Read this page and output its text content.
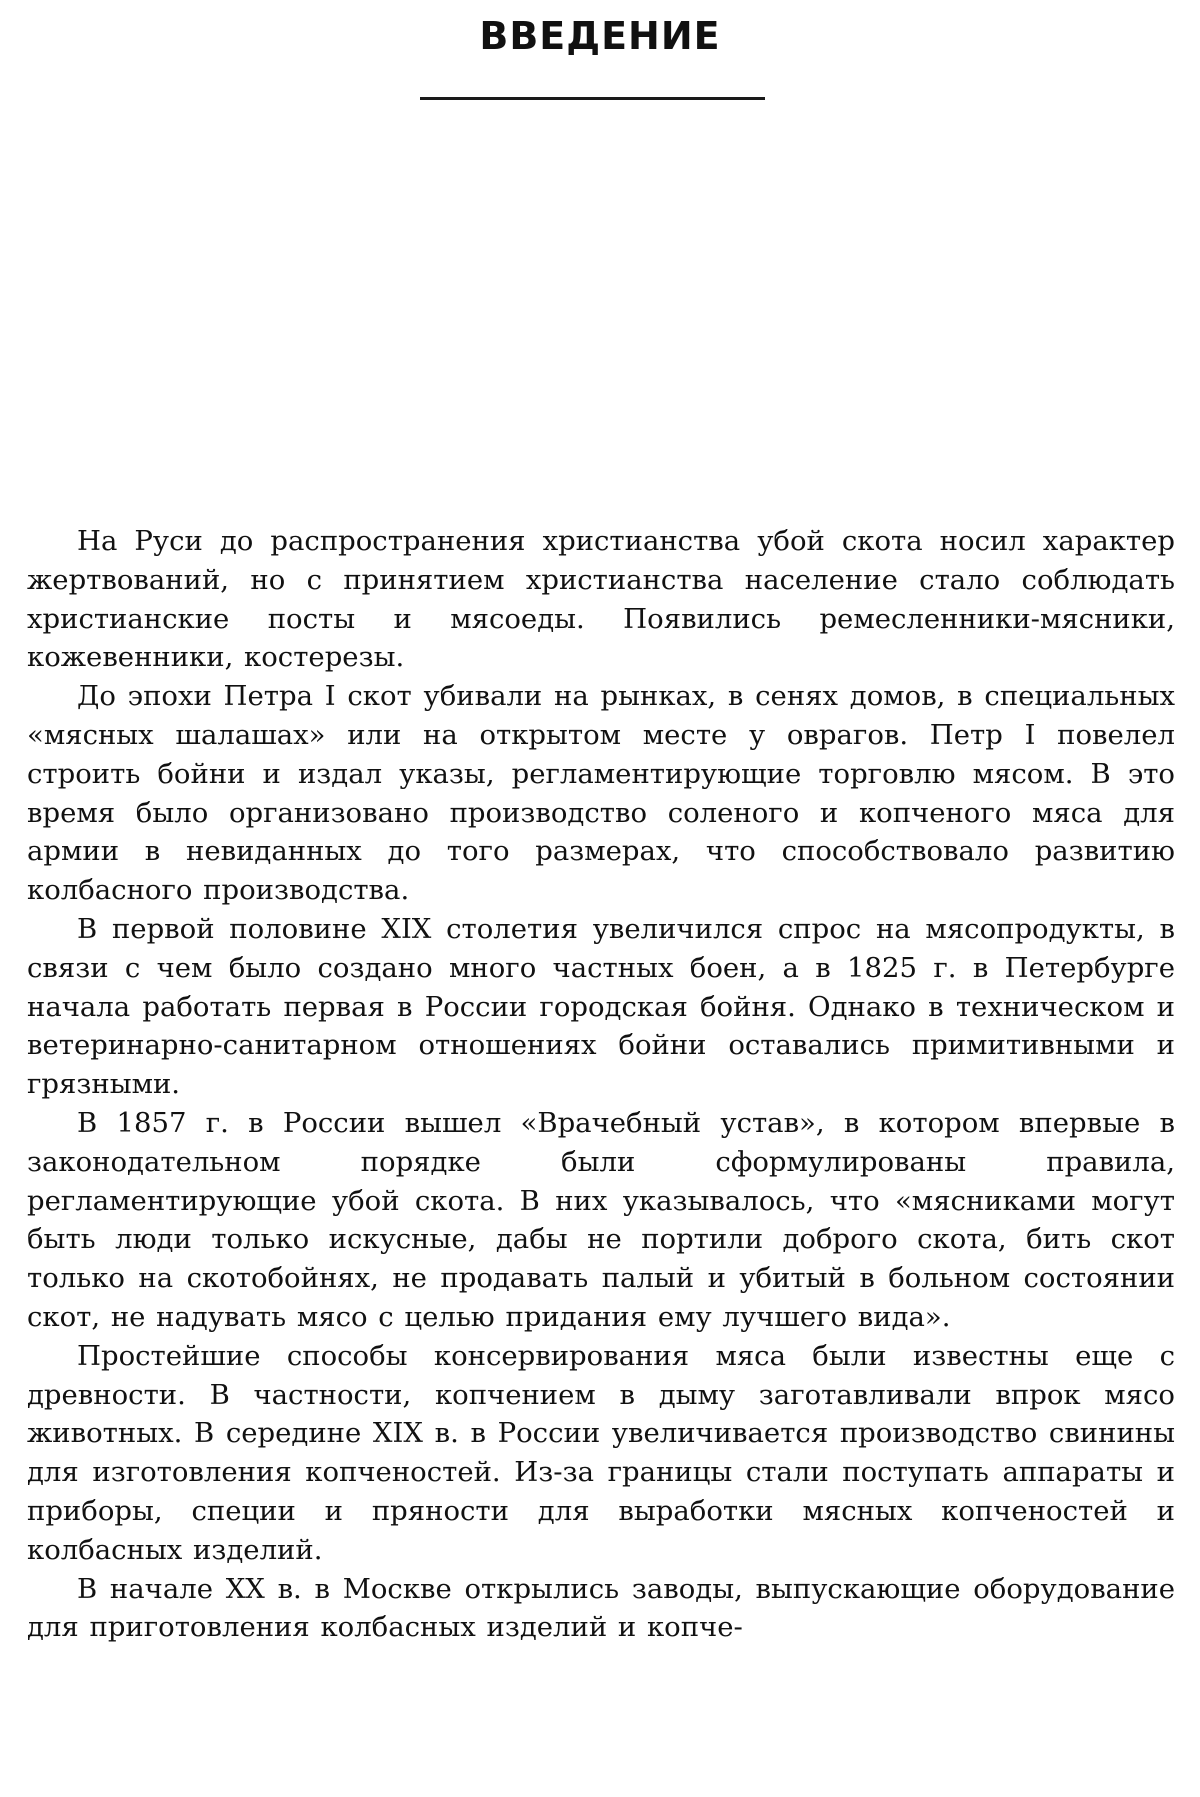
ВВЕДЕНИЕ

На Руси до распространения христианства убой скота носил характер жертвований, но с принятием христианства население стало соблюдать христианские посты и мясоеды. Появились ремесленники-мясники, кожевенники, костерезы.

До эпохи Петра I скот убивали на рынках, в сенях домов, в специальных «мясных шалашах» или на открытом месте у оврагов. Петр I повелел строить бойни и издал указы, регламентирующие торговлю мясом. В это время было организовано производство соленого и копченого мяса для армии в невиданных до того размерах, что способствовало развитию колбасного производства.

В первой половине XIX столетия увеличился спрос на мясопродукты, в связи с чем было создано много частных боен, а в 1825 г. в Петербурге начала работать первая в России городская бойня. Однако в техническом и ветеринарно-санитарном отношениях бойни оставались примитивными и грязными.

В 1857 г. в России вышел «Врачебный устав», в котором впервые в законодательном порядке были сформулированы правила, регламентирующие убой скота. В них указывалось, что «мясниками могут быть люди только искусные, дабы не портили доброго скота, бить скот только на скотобойнях, не продавать палый и убитый в больном состоянии скот, не надувать мясо с целью придания ему лучшего вида».

Простейшие способы консервирования мяса были известны еще с древности. В частности, копчением в дыму заготавливали впрок мясо животных. В середине XIX в. в России увеличивается производство свинины для изготовления копченостей. Из-за границы стали поступать аппараты и приборы, специи и пряности для выработки мясных копченостей и колбасных изделий.

В начале XX в. в Москве открылись заводы, выпускающие оборудование для приготовления колбасных изделий и копче-
